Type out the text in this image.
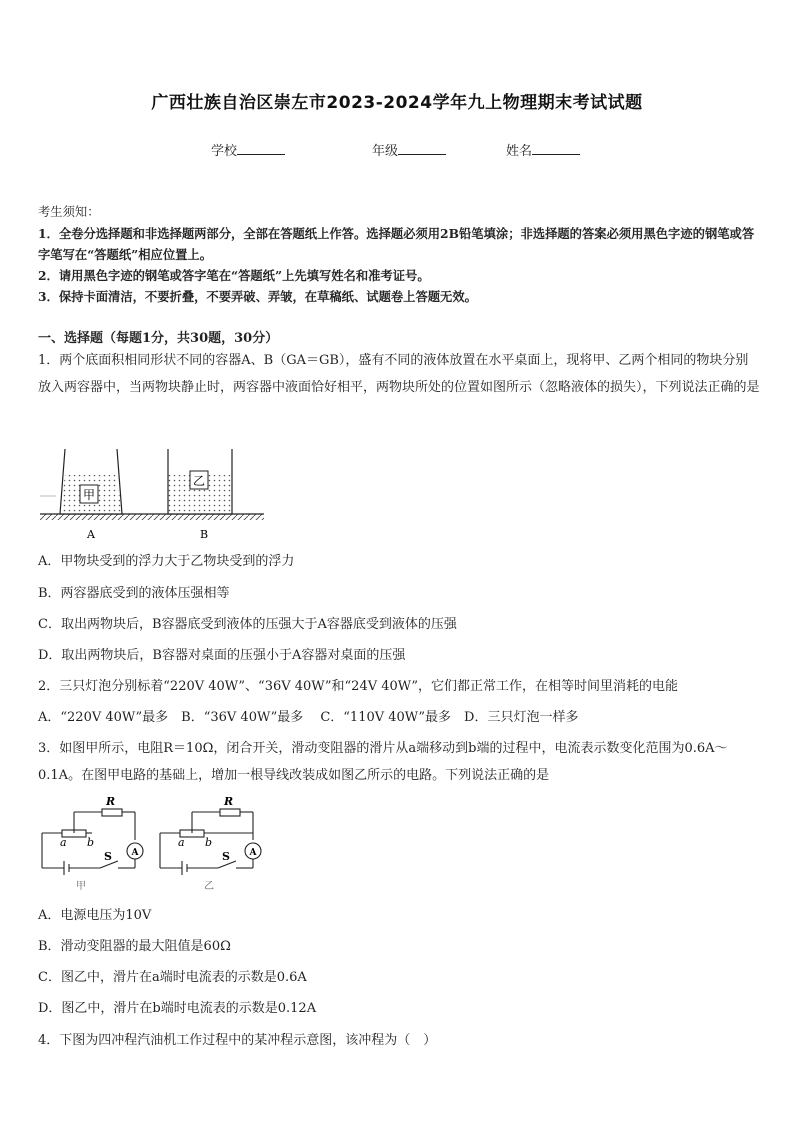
广西壮族自治区崇左市2023-2024学年九上物理期末考试试题
学校	年级	姓名
考生须知：
1．全卷分选择题和非选择题两部分，全部在答题纸上作答。选择题必须用2B铅笔填涂；非选择题的答案必须用黑色字迹的钢笔或答字笔写在“答题纸”相应位置上。
2．请用黑色字迹的钢笔或答字笔在“答题纸”上先填写姓名和准考证号。
3．保持卡面清洁，不要折叠，不要弄破、弄皱，在草稿纸、试题卷上答题无效。
一、选择题（每题1分，共30题，30分）
1．两个底面积相同形状不同的容器A、B（GA＝GB），盛有不同的液体放置在水平桌面上，现将甲、乙两个相同的物块分别放入两容器中，当两物块静止时，两容器中液面恰好相平，两物块所处的位置如图所示（忽略液体的损失），下列说法正确的是
甲
乙
A	B
A．甲物块受到的浮力大于乙物块受到的浮力
B．两容器底受到的液体压强相等
C．取出两物块后，B容器底受到液体的压强大于A容器底受到液体的压强
D．取出两物块后，B容器对桌面的压强小于A容器对桌面的压强
2．三只灯泡分别标着“220V 40W”、“36V 40W”和“24V 40W”，它们都正常工作，在相等时间里消耗的电能
A．“220V 40W”最多　B．“36V 40W”最多　 C．“110V 40W”最多　D．三只灯泡一样多
3．如图甲所示，电阻R＝10Ω，闭合开关，滑动变阻器的滑片从a端移动到b端的过程中，电流表示数变化范围为0.6A～0.1A。在图甲电路的基础上，增加一根导线改装成如图乙所示的电路。下列说法正确的是
R
a b
S A
甲
R
a b
S A
乙
A．电源电压为10V
B．滑动变阻器的最大阻值是60Ω
C．图乙中，滑片在a端时电流表的示数是0.6A
D．图乙中，滑片在b端时电流表的示数是0.12A
4．下图为四冲程汽油机工作过程中的某冲程示意图，该冲程为（　）
